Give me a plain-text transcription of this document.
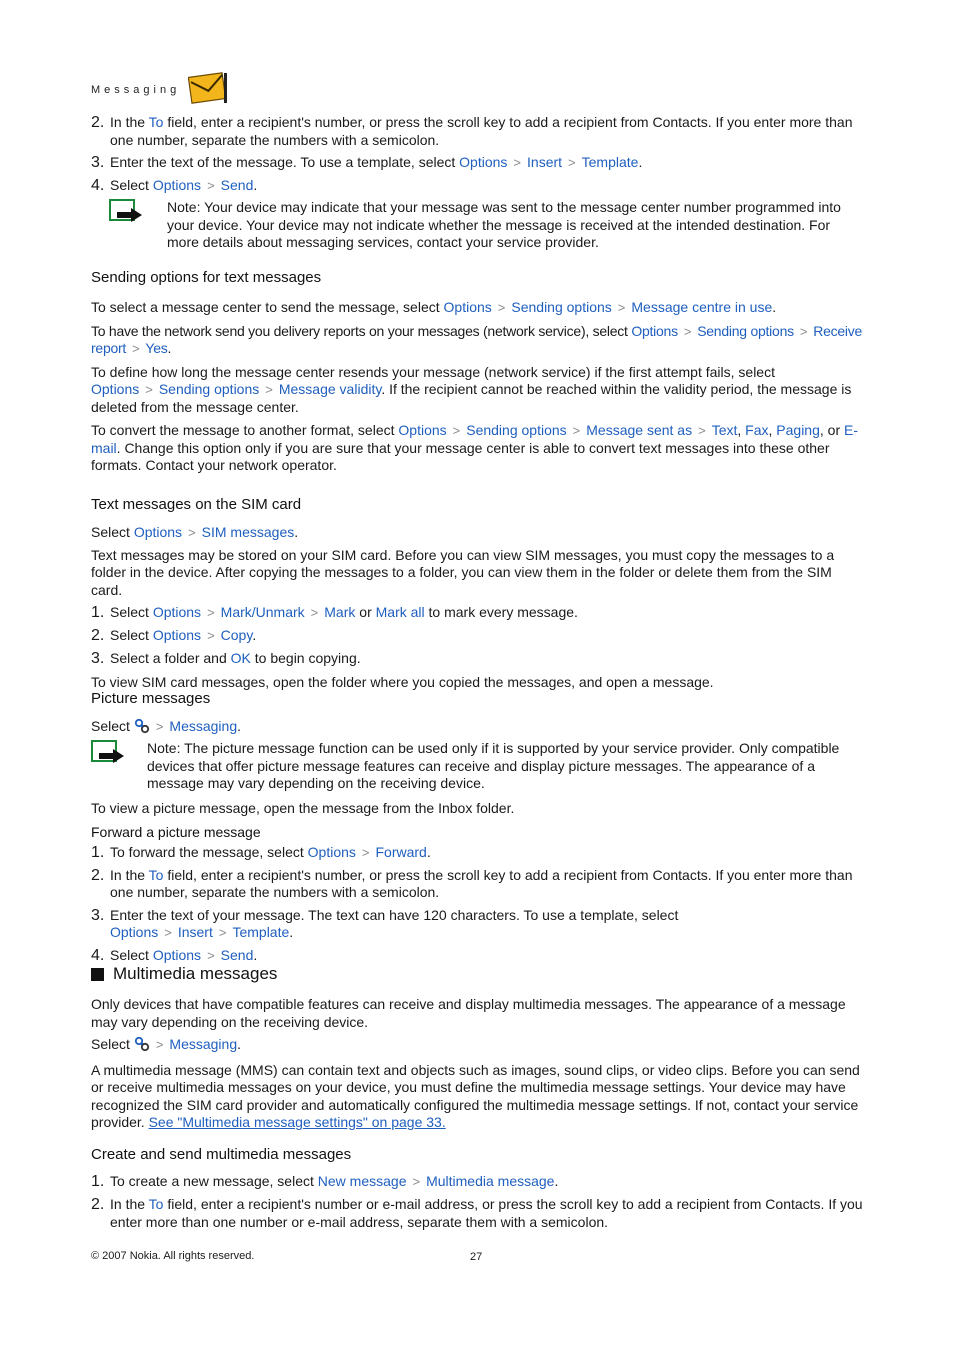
Messaging
2. In the To field, enter a recipient's number, or press the scroll key to add a recipient from Contacts. If you enter more than one number, separate the numbers with a semicolon.

3. Enter the text of the message. To use a template, select Options > Insert > Template.

4. Select Options > Send.

Note: Your device may indicate that your message was sent to the message center number programmed into your device. Your device may not indicate whether the message is received at the intended destination. For more details about messaging services, contact your service provider.

Sending options for text messages

To select a message center to send the message, select Options > Sending options > Message centre in use.

To have the network send you delivery reports on your messages (network service), select Options > Sending options > Receive report > Yes.

To define how long the message center resends your message (network service) if the first attempt fails, select Options > Sending options > Message validity. If the recipient cannot be reached within the validity period, the message is deleted from the message center.

To convert the message to another format, select Options > Sending options > Message sent as > Text, Fax, Paging, or E-mail. Change this option only if you are sure that your message center is able to convert text messages into these other formats. Contact your network operator.

Text messages on the SIM card

Select Options > SIM messages.

Text messages may be stored on your SIM card. Before you can view SIM messages, you must copy the messages to a folder in the device. After copying the messages to a folder, you can view them in the folder or delete them from the SIM card.

1. Select Options > Mark/Unmark > Mark or Mark all to mark every message.

2. Select Options > Copy.

3. Select a folder and OK to begin copying.

To view SIM card messages, open the folder where you copied the messages, and open a message.

Picture messages

Select > Messaging.

Note: The picture message function can be used only if it is supported by your service provider. Only compatible devices that offer picture message features can receive and display picture messages. The appearance of a message may vary depending on the receiving device.

To view a picture message, open the message from the Inbox folder.

Forward a picture message
1. To forward the message, select Options > Forward.

2. In the To field, enter a recipient's number, or press the scroll key to add a recipient from Contacts. If you enter more than one number, separate the numbers with a semicolon.

3. Enter the text of your message. The text can have 120 characters. To use a template, select Options > Insert > Template.

4. Select Options > Send.

Multimedia messages

Only devices that have compatible features can receive and display multimedia messages. The appearance of a message may vary depending on the receiving device.

Select > Messaging.

A multimedia message (MMS) can contain text and objects such as images, sound clips, or video clips. Before you can send or receive multimedia messages on your device, you must define the multimedia message settings. Your device may have recognized the SIM card provider and automatically configured the multimedia message settings. If not, contact your service provider. See "Multimedia message settings" on page 33.

Create and send multimedia messages
1. To create a new message, select New message > Multimedia message.

2. In the To field, enter a recipient's number or e-mail address, or press the scroll key to add a recipient from Contacts. If you enter more than one number or e-mail address, separate them with a semicolon.

© 2007 Nokia. All rights reserved.	27
